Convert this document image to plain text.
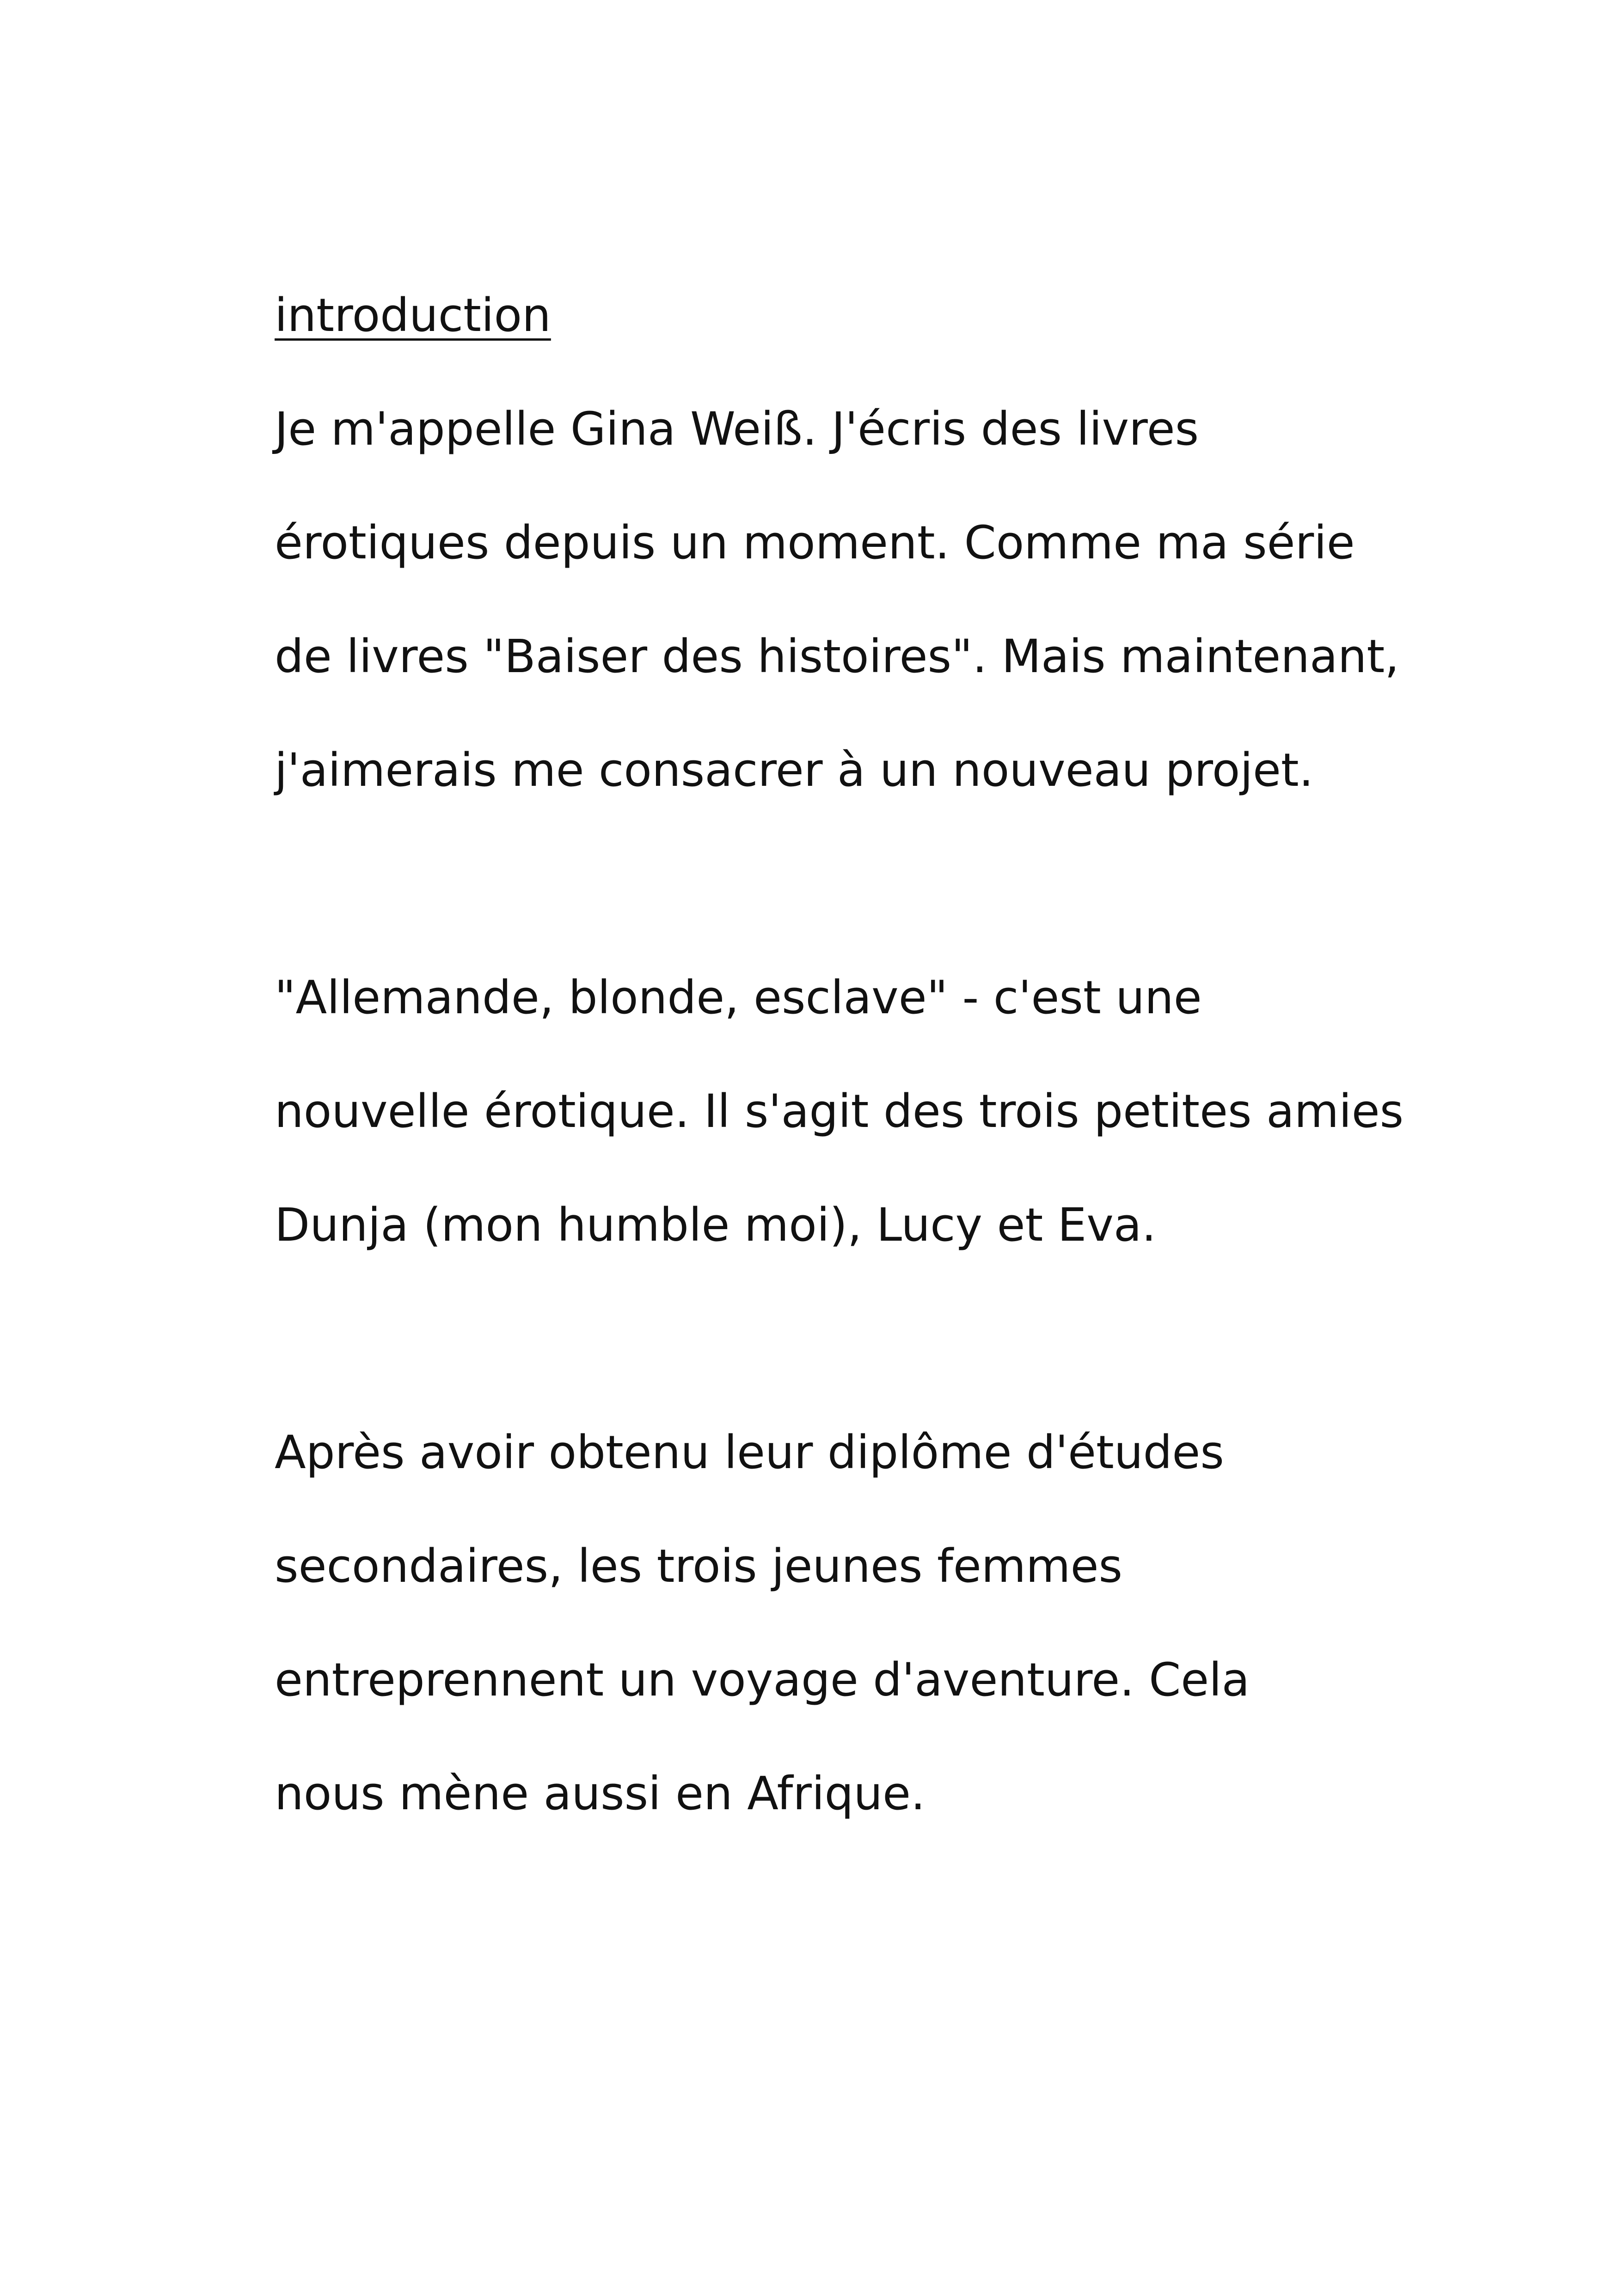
introduction
Je m'appelle Gina Weiß. J'écris des livres
érotiques depuis un moment. Comme ma série
de livres "Baiser des histoires". Mais maintenant,
j'aimerais me consacrer à un nouveau projet.
"Allemande, blonde, esclave" - c'est une
nouvelle érotique. Il s'agit des trois petites amies
Dunja (mon humble moi), Lucy et Eva.
Après avoir obtenu leur diplôme d'études
secondaires, les trois jeunes femmes
entreprennent un voyage d'aventure. Cela
nous mène aussi en Afrique.
